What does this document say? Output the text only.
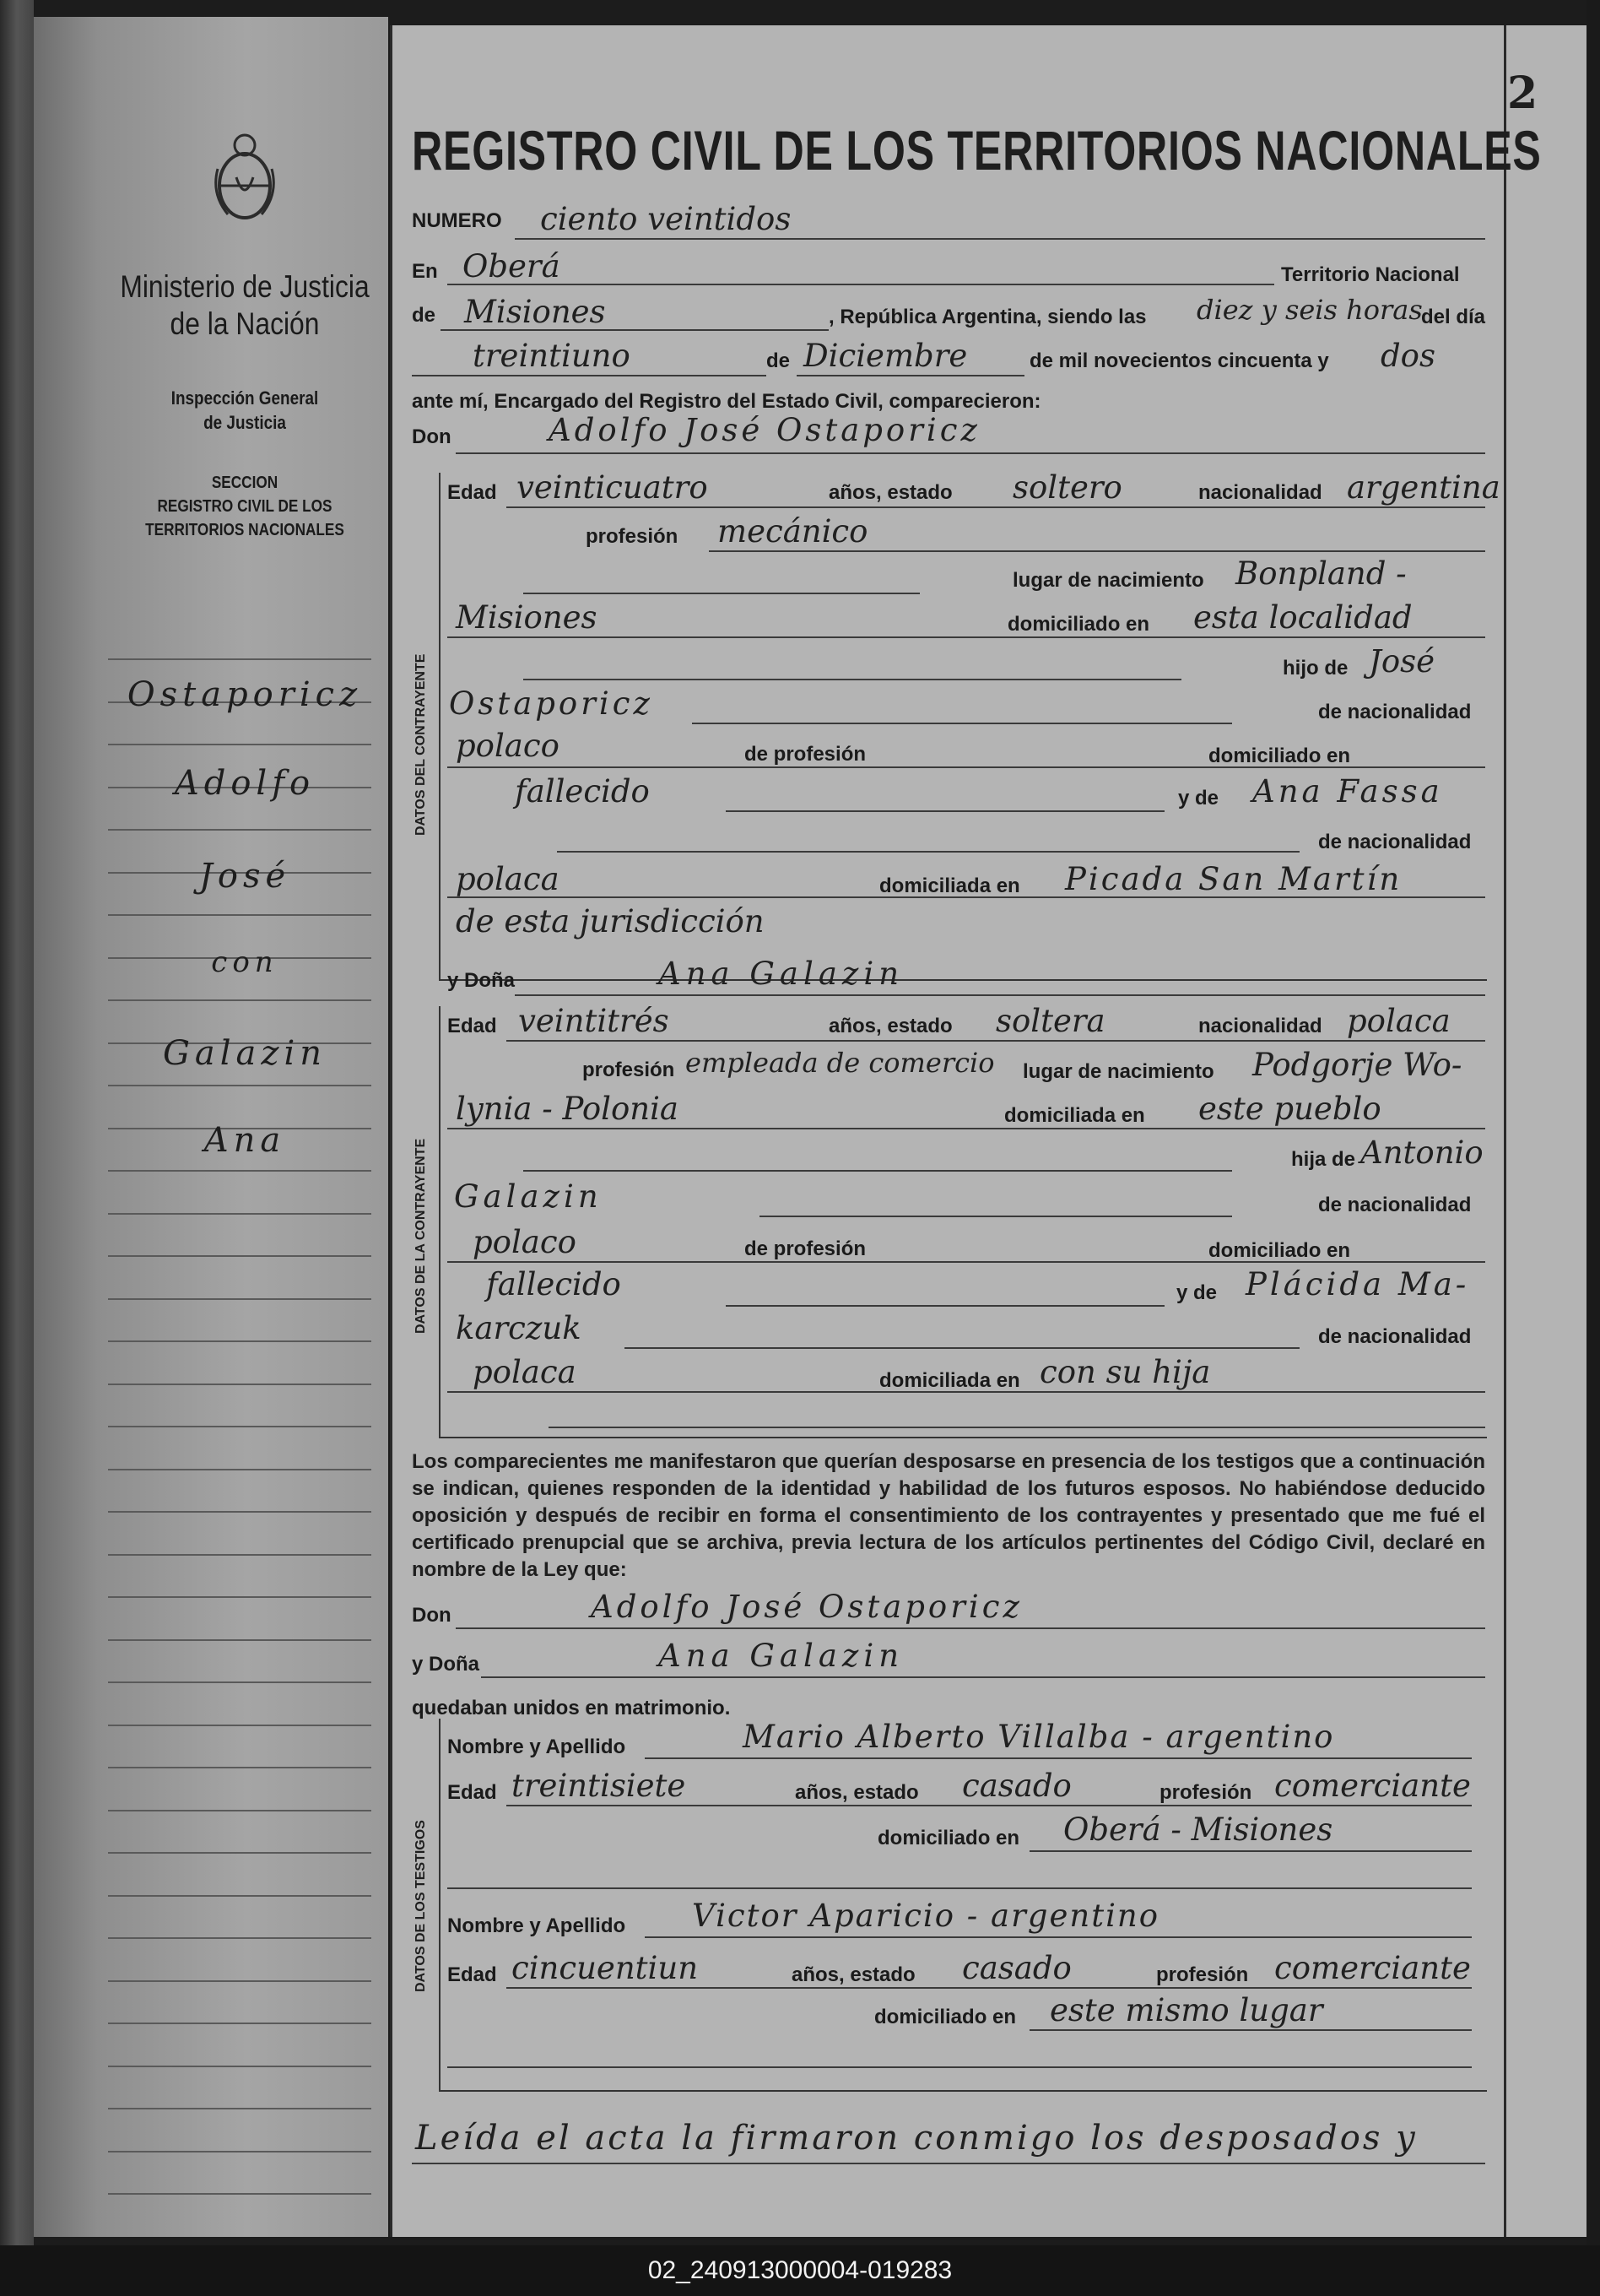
Ministerio de Justicia
de la Nación
Inspección General
de Justicia
SECCION
REGISTRO CIVIL DE LOS
TERRITORIOS NACIONALES
Ostaporicz
Adolfo
José
con
Galazin
Ana
2
REGISTRO CIVIL DE LOS TERRITORIOS NACIONALES
NUMERO ciento veintidos
En Oberá	Territorio Nacional
de Misiones	, República Argentina, siendo las diez y seis horas
del día
treintiuno	de Diciembre	de mil novecientos cincuenta y dos
ante mí, Encargado del Registro del Estado Civil, comparecieron:
Don	Adolfo José Ostaporicz
DATOS DEL CONTRAYENTE
Edad veinticuatro	años, estado soltero	nacionalidad argentina
profesión mecánico
lugar de nacimiento Bonpland -
Misiones	domiciliado en esta localidad
hijo de José
Ostaporicz	de nacionalidad
polaco	de profesión	domiciliado en
fallecido	y de Ana Fassa
de nacionalidad
polaca	domiciliada en Picada San Martín
de esta jurisdicción
y Doña	Ana Galazin
DATOS DE LA CONTRAYENTE
Edad veintitrés	años, estado soltera	nacionalidad polaca
profesión empleada de comercio lugar de nacimiento Podgorje Wo-
lynia - Polonia	domiciliada en este pueblo
hija de Antonio
Galazin	de nacionalidad
polaco	de profesión	domiciliado en
fallecido	y de Plácida Ma-
karczuk	de nacionalidad
polaca	domiciliada en con su hija
Los comparecientes me manifestaron que querían desposarse en presencia de los testigos que a continuación se indican, quienes responden de la identidad y habilidad de los futuros esposos. No habiéndose deducido oposición y después de recibir en forma el consentimiento de los contrayentes y presentado que me fué el certificado prenupcial que se archiva, previa lectura de los artículos pertinentes del Código Civil, declaré en nombre de la Ley que:
Don	Adolfo José Ostaporicz
y Doña	Ana Galazin
quedaban unidos en matrimonio.
DATOS DE LOS TESTIGOS
Nombre y Apellido	Mario Alberto Villalba - argentino
Edad treintisiete	años, estado casado	profesión comerciante
domiciliado en Oberá - Misiones
Nombre y Apellido Victor Aparicio - argentino
Edad cincuentiun	años, estado casado	profesión comerciante
domiciliado en este mismo lugar
Leída el acta la firmaron conmigo los desposados y
02_240913000004-019283
